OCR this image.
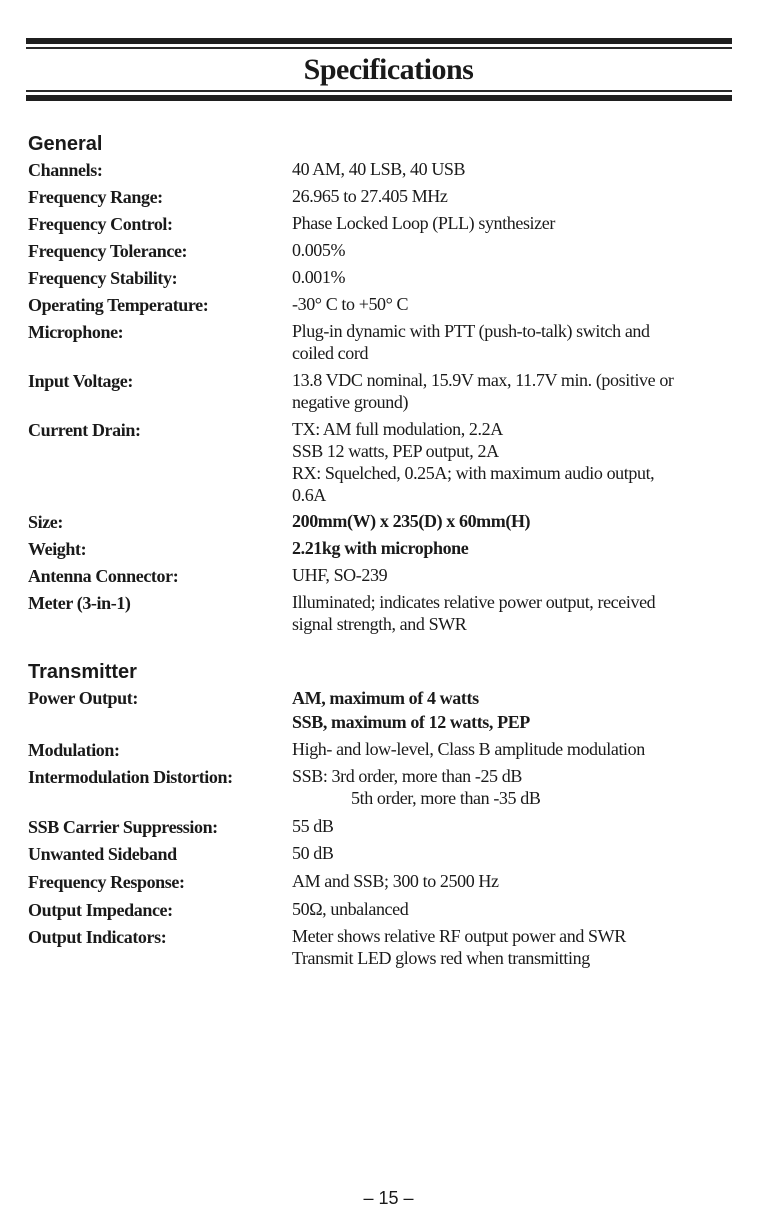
Specifications
General
Channels:	40 AM, 40 LSB, 40 USB
Frequency Range:	26.965 to 27.405 MHz
Frequency Control:	Phase Locked Loop (PLL) synthesizer
Frequency Tolerance:	0.005%
Frequency Stability:	0.001%
Operating Temperature:	-30° C to +50° C
Microphone:	Plug-in dynamic with PTT (push-to-talk) switch and
coiled cord
Input Voltage:	13.8 VDC nominal, 15.9V max, 11.7V min. (positive or
negative ground)
Current Drain:	TX: AM full modulation, 2.2A
SSB 12 watts, PEP output, 2A
RX: Squelched, 0.25A; with maximum audio output,
0.6A
Size:	200mm(W) x 235(D) x 60mm(H)
Weight:	2.21kg with microphone
Antenna Connector:	UHF, SO-239
Meter (3-in-1)	Illuminated; indicates relative power output, received
signal strength, and SWR
Transmitter
Power Output:	AM, maximum of 4 watts
SSB, maximum of 12 watts, PEP
Modulation:	High- and low-level, Class B amplitude modulation
Intermodulation Distortion:	SSB: 3rd order, more than -25 dB
5th order, more than -35 dB
SSB Carrier Suppression:	55 dB
Unwanted Sideband	50 dB
Frequency Response:	AM and SSB; 300 to 2500 Hz
Output Impedance:	50Ω, unbalanced
Output Indicators:	Meter shows relative RF output power and SWR
Transmit LED glows red when transmitting
– 15 –
